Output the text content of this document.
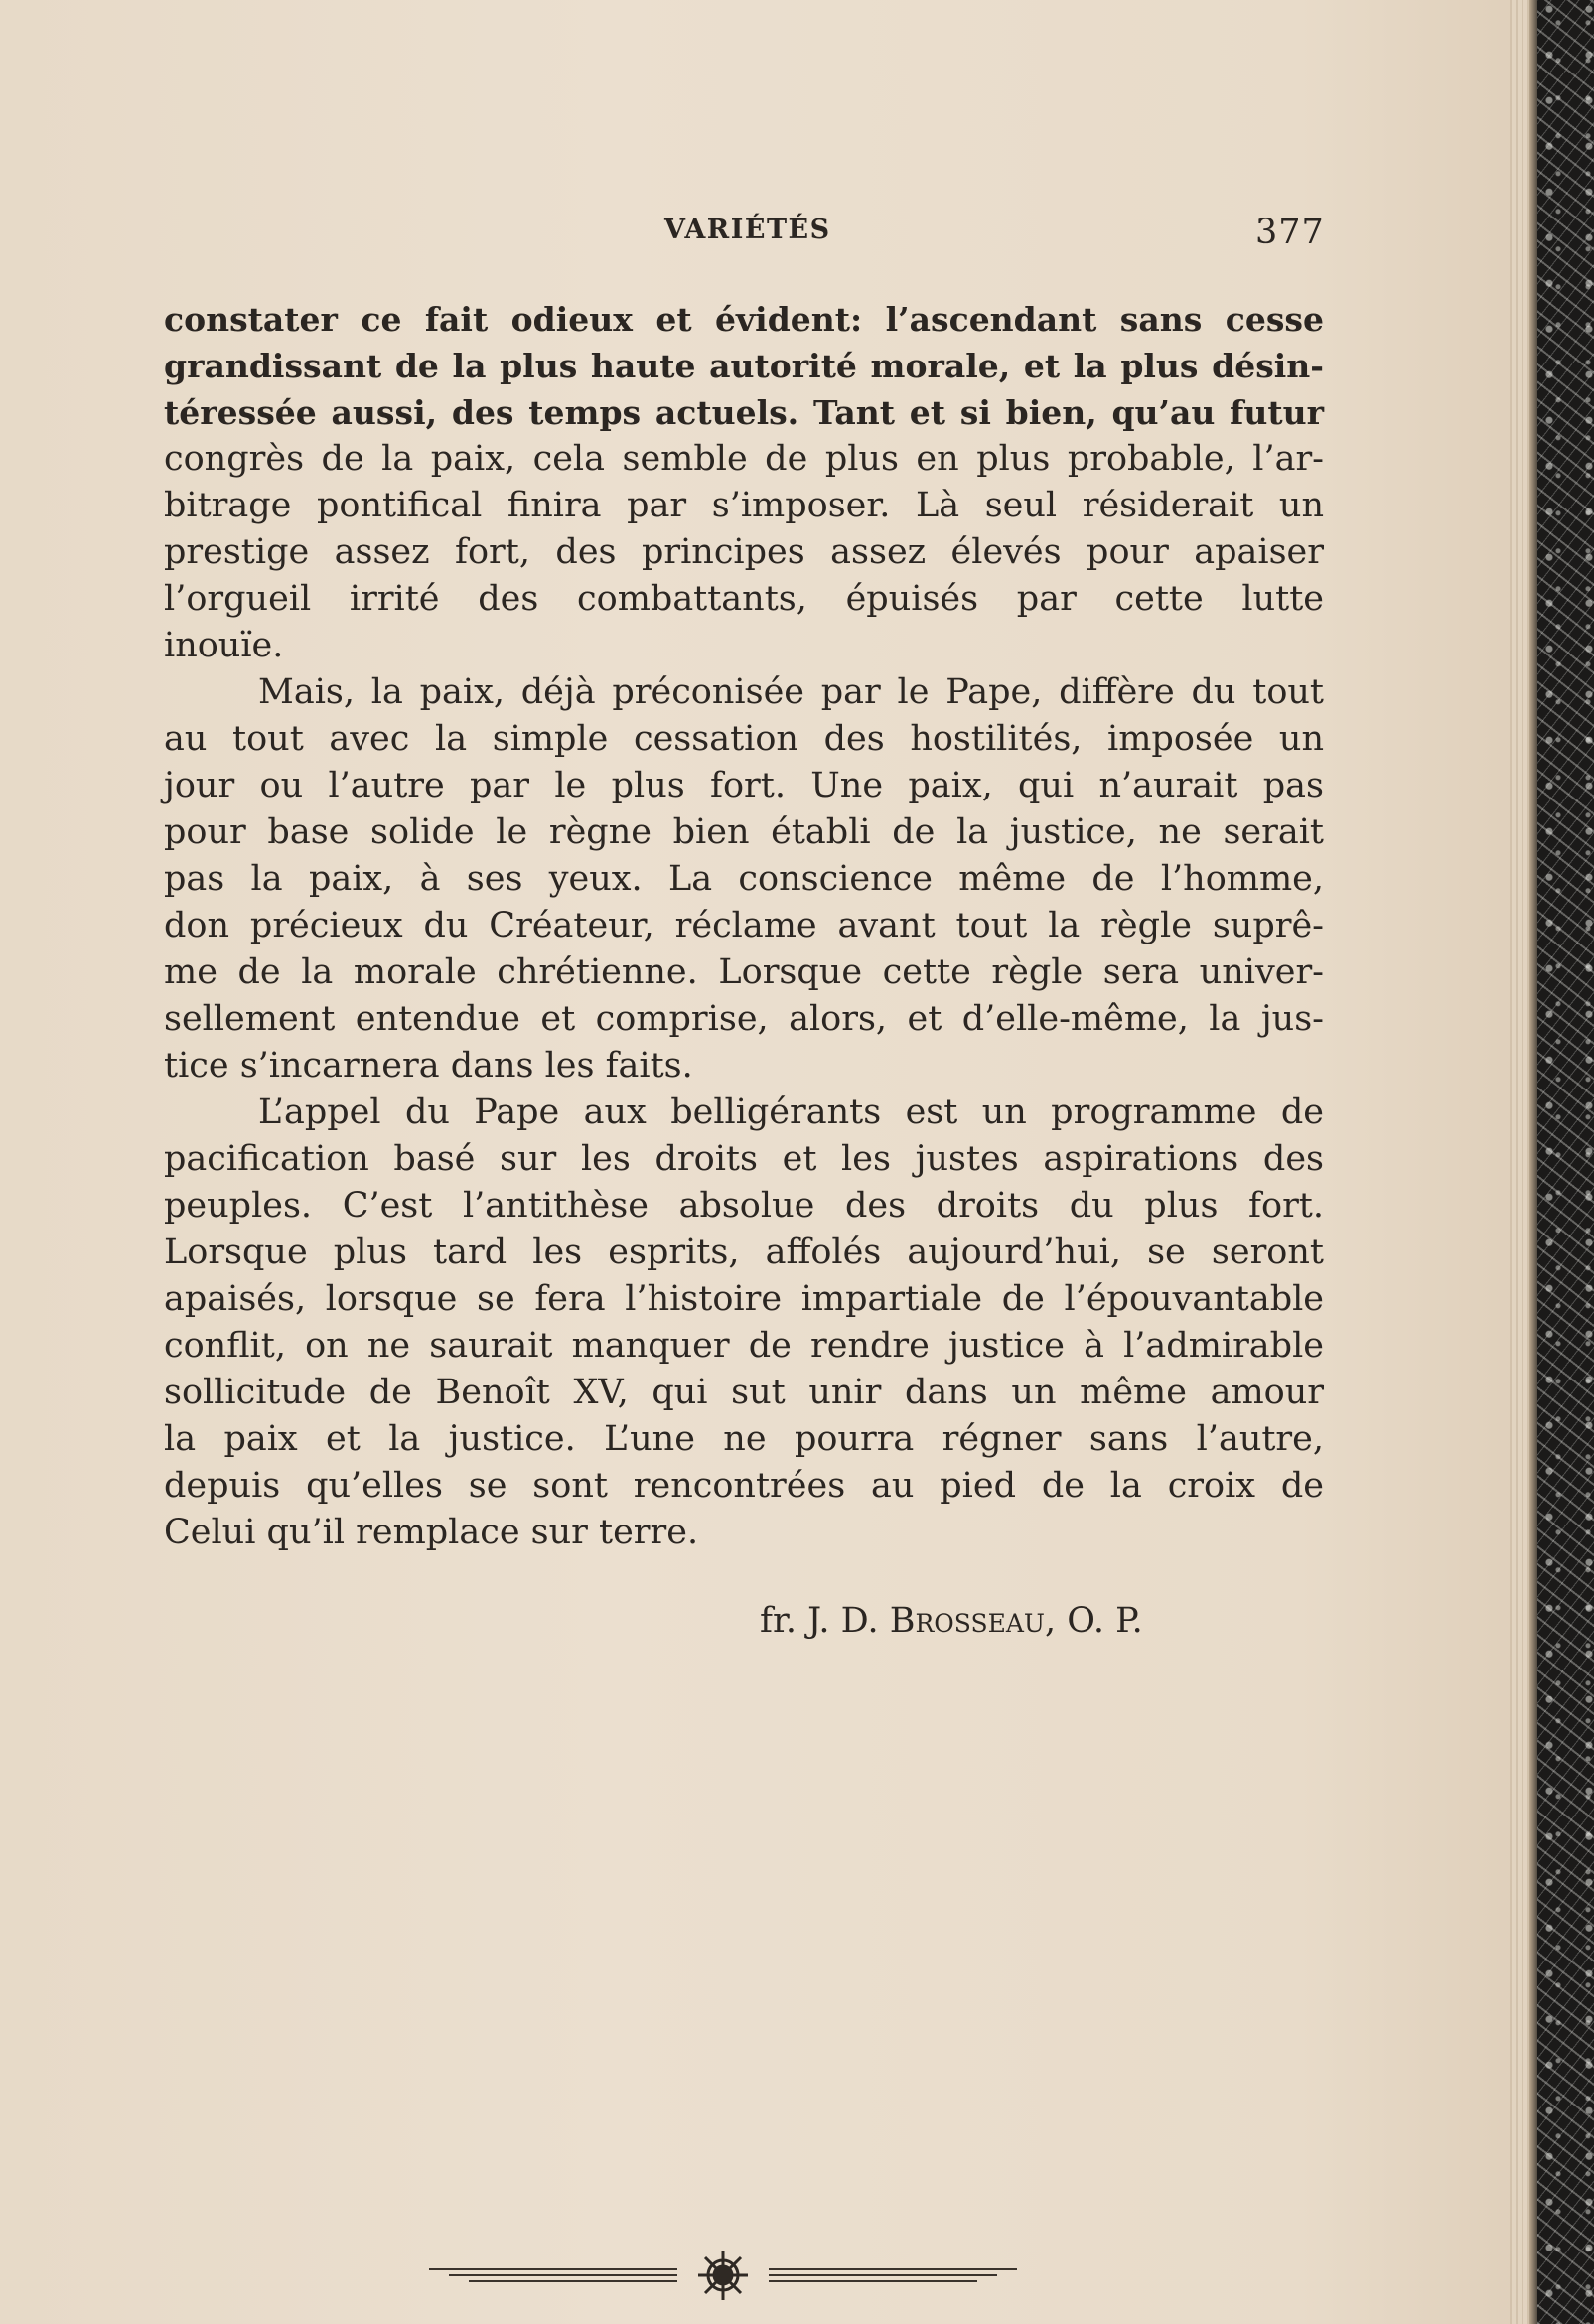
VARIÉTÉS	377
constater ce fait odieux et évident: l’ascendant sans cesse
grandissant de la plus haute autorité morale, et la plus désin-
téressée aussi, des temps actuels. Tant et si bien, qu’au futur
congrès de la paix, cela semble de plus en plus probable, l’ar-
bitrage pontifical finira par s’imposer. Là seul résiderait un
prestige assez fort, des principes assez élevés pour apaiser
l’orgueil irrité des combattants, épuisés par cette lutte
inouïe.
Mais, la paix, déjà préconisée par le Pape, diffère du tout
au tout avec la simple cessation des hostilités, imposée un
jour ou l’autre par le plus fort. Une paix, qui n’aurait pas
pour base solide le règne bien établi de la justice, ne serait
pas la paix, à ses yeux. La conscience même de l’homme,
don précieux du Créateur, réclame avant tout la règle suprê-
me de la morale chrétienne. Lorsque cette règle sera univer-
sellement entendue et comprise, alors, et d’elle-même, la jus-
tice s’incarnera dans les faits.
L’appel du Pape aux belligérants est un programme de
pacification basé sur les droits et les justes aspirations des
peuples. C’est l’antithèse absolue des droits du plus fort.
Lorsque plus tard les esprits, affolés aujourd’hui, se seront
apaisés, lorsque se fera l’histoire impartiale de l’épouvantable
conflit, on ne saurait manquer de rendre justice à l’admirable
sollicitude de Benoît XV, qui sut unir dans un même amour
la paix et la justice. L’une ne pourra régner sans l’autre,
depuis qu’elles se sont rencontrées au pied de la croix de
Celui qu’il remplace sur terre.
fr. J. D. Brosseau, O. P.
